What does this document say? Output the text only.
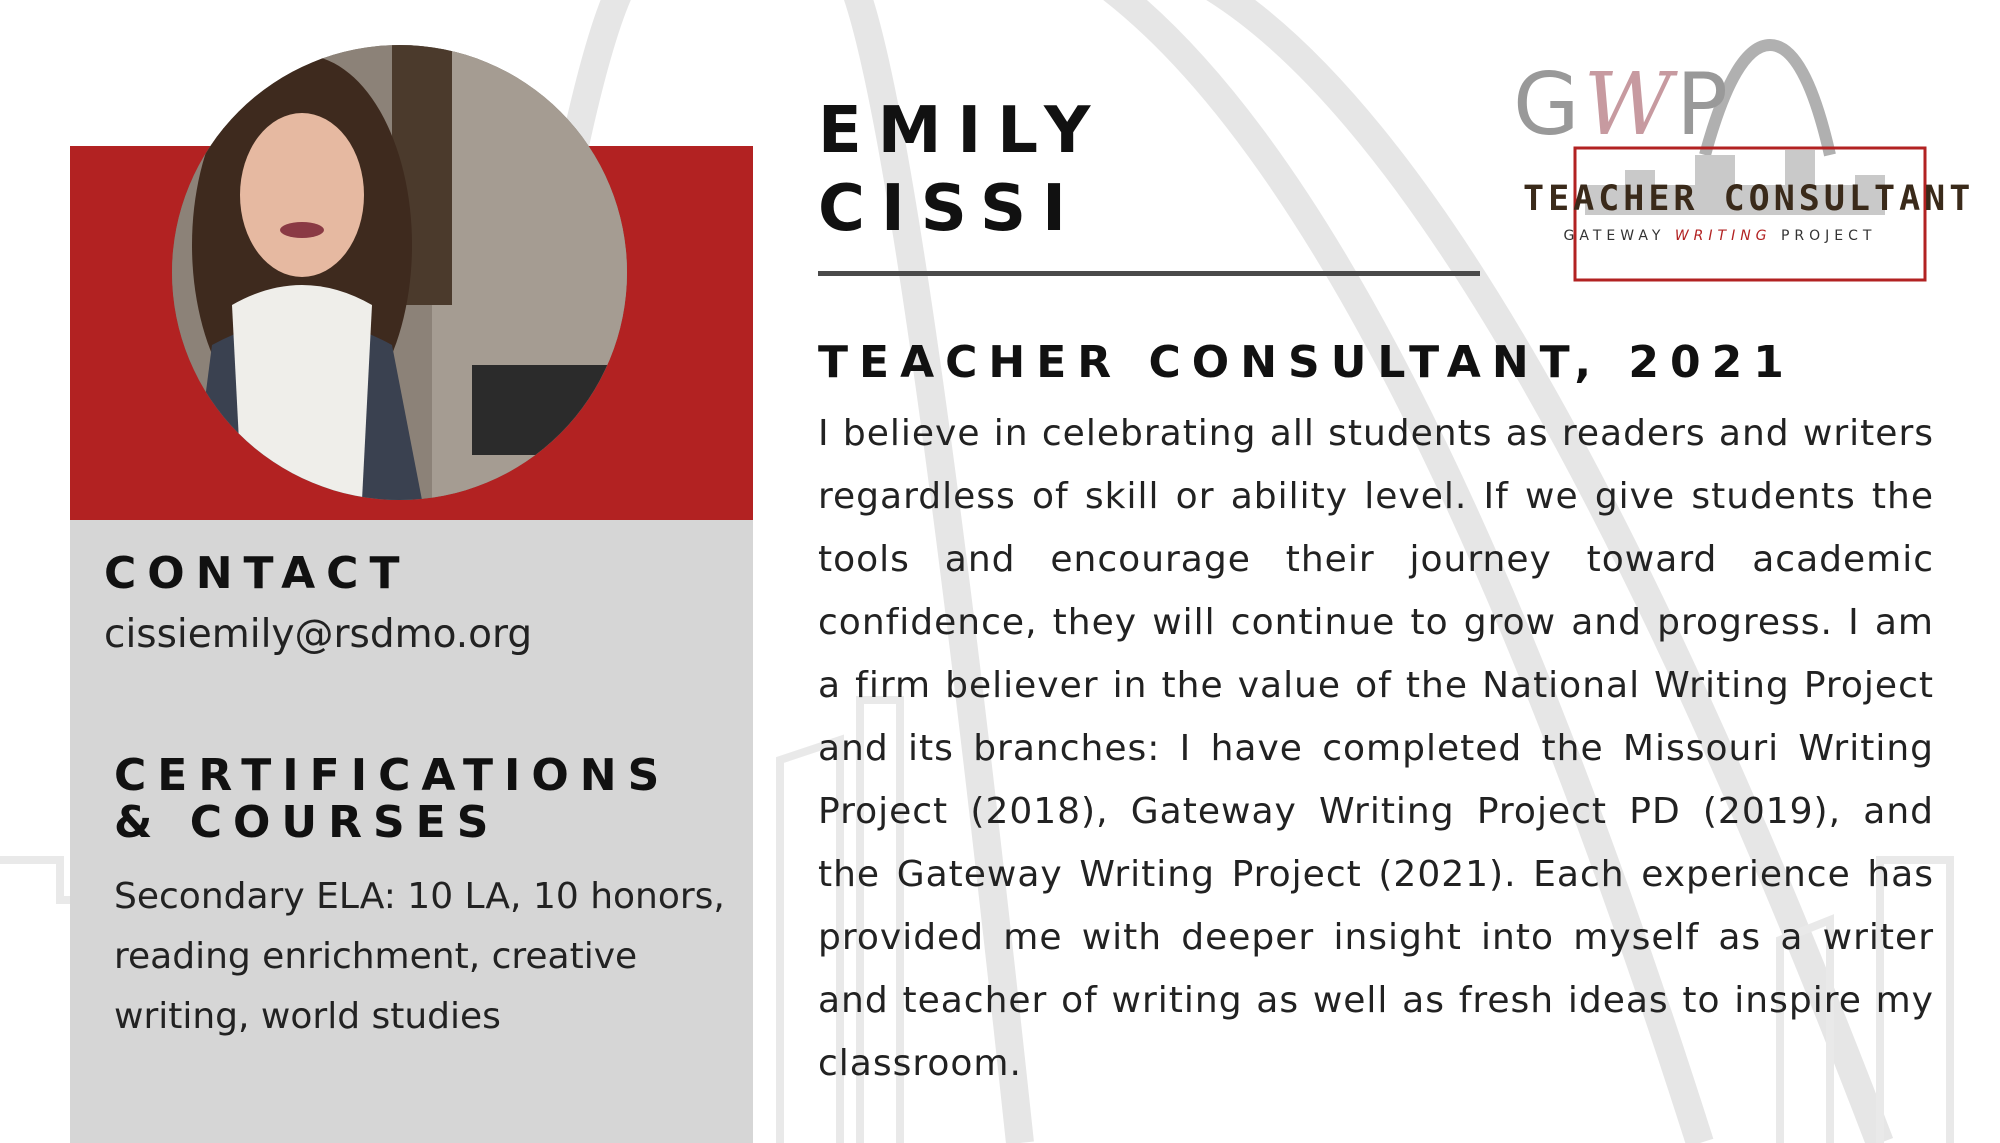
CONTACT
cissiemily@rsdmo.org
CERTIFICATIONS
& COURSES
Secondary ELA: 10 LA, 10 honors, reading enrichment, creative writing, world studies
EMILY
CISSI
GWP
TEACHER CONSULTANT
GATEWAY WRITING PROJECT
TEACHER CONSULTANT, 2021
I believe in celebrating all students as readers and writers regardless of skill or ability level. If we give students the tools and encourage their journey toward academic confidence, they will continue to grow and progress. I am a firm believer in the value of the National Writing Project and its branches: I have completed the Missouri Writing Project (2018), Gateway Writing Project PD (2019), and the Gateway Writing Project (2021). Each experience has provided me with deeper insight into myself as a writer and teacher of writing as well as fresh ideas to inspire my classroom.
